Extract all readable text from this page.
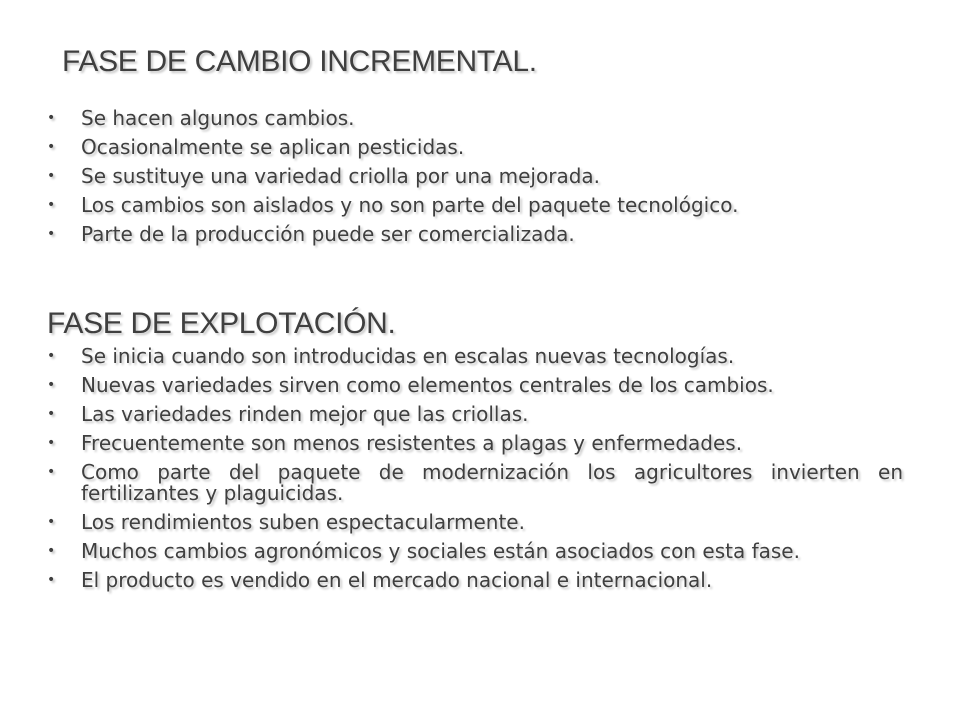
FASE DE CAMBIO INCREMENTAL.
• Se hacen algunos cambios.
• Ocasionalmente se aplican pesticidas.
• Se sustituye una variedad criolla por una mejorada.
• Los cambios son aislados y no son parte del paquete tecnológico.
• Parte de la producción puede ser comercializada.
FASE DE EXPLOTACIÓN.
• Se inicia cuando son introducidas en escalas nuevas tecnologías.
• Nuevas variedades sirven como elementos centrales de los cambios.
• Las variedades rinden mejor que las criollas.
• Frecuentemente son menos resistentes a plagas y enfermedades.
• Como parte del paquete de modernización los agricultores invierten en fertilizantes y plaguicidas.
• Los rendimientos suben espectacularmente.
• Muchos cambios agronómicos y sociales están asociados con esta fase.
• El producto es vendido en el mercado nacional e internacional.
